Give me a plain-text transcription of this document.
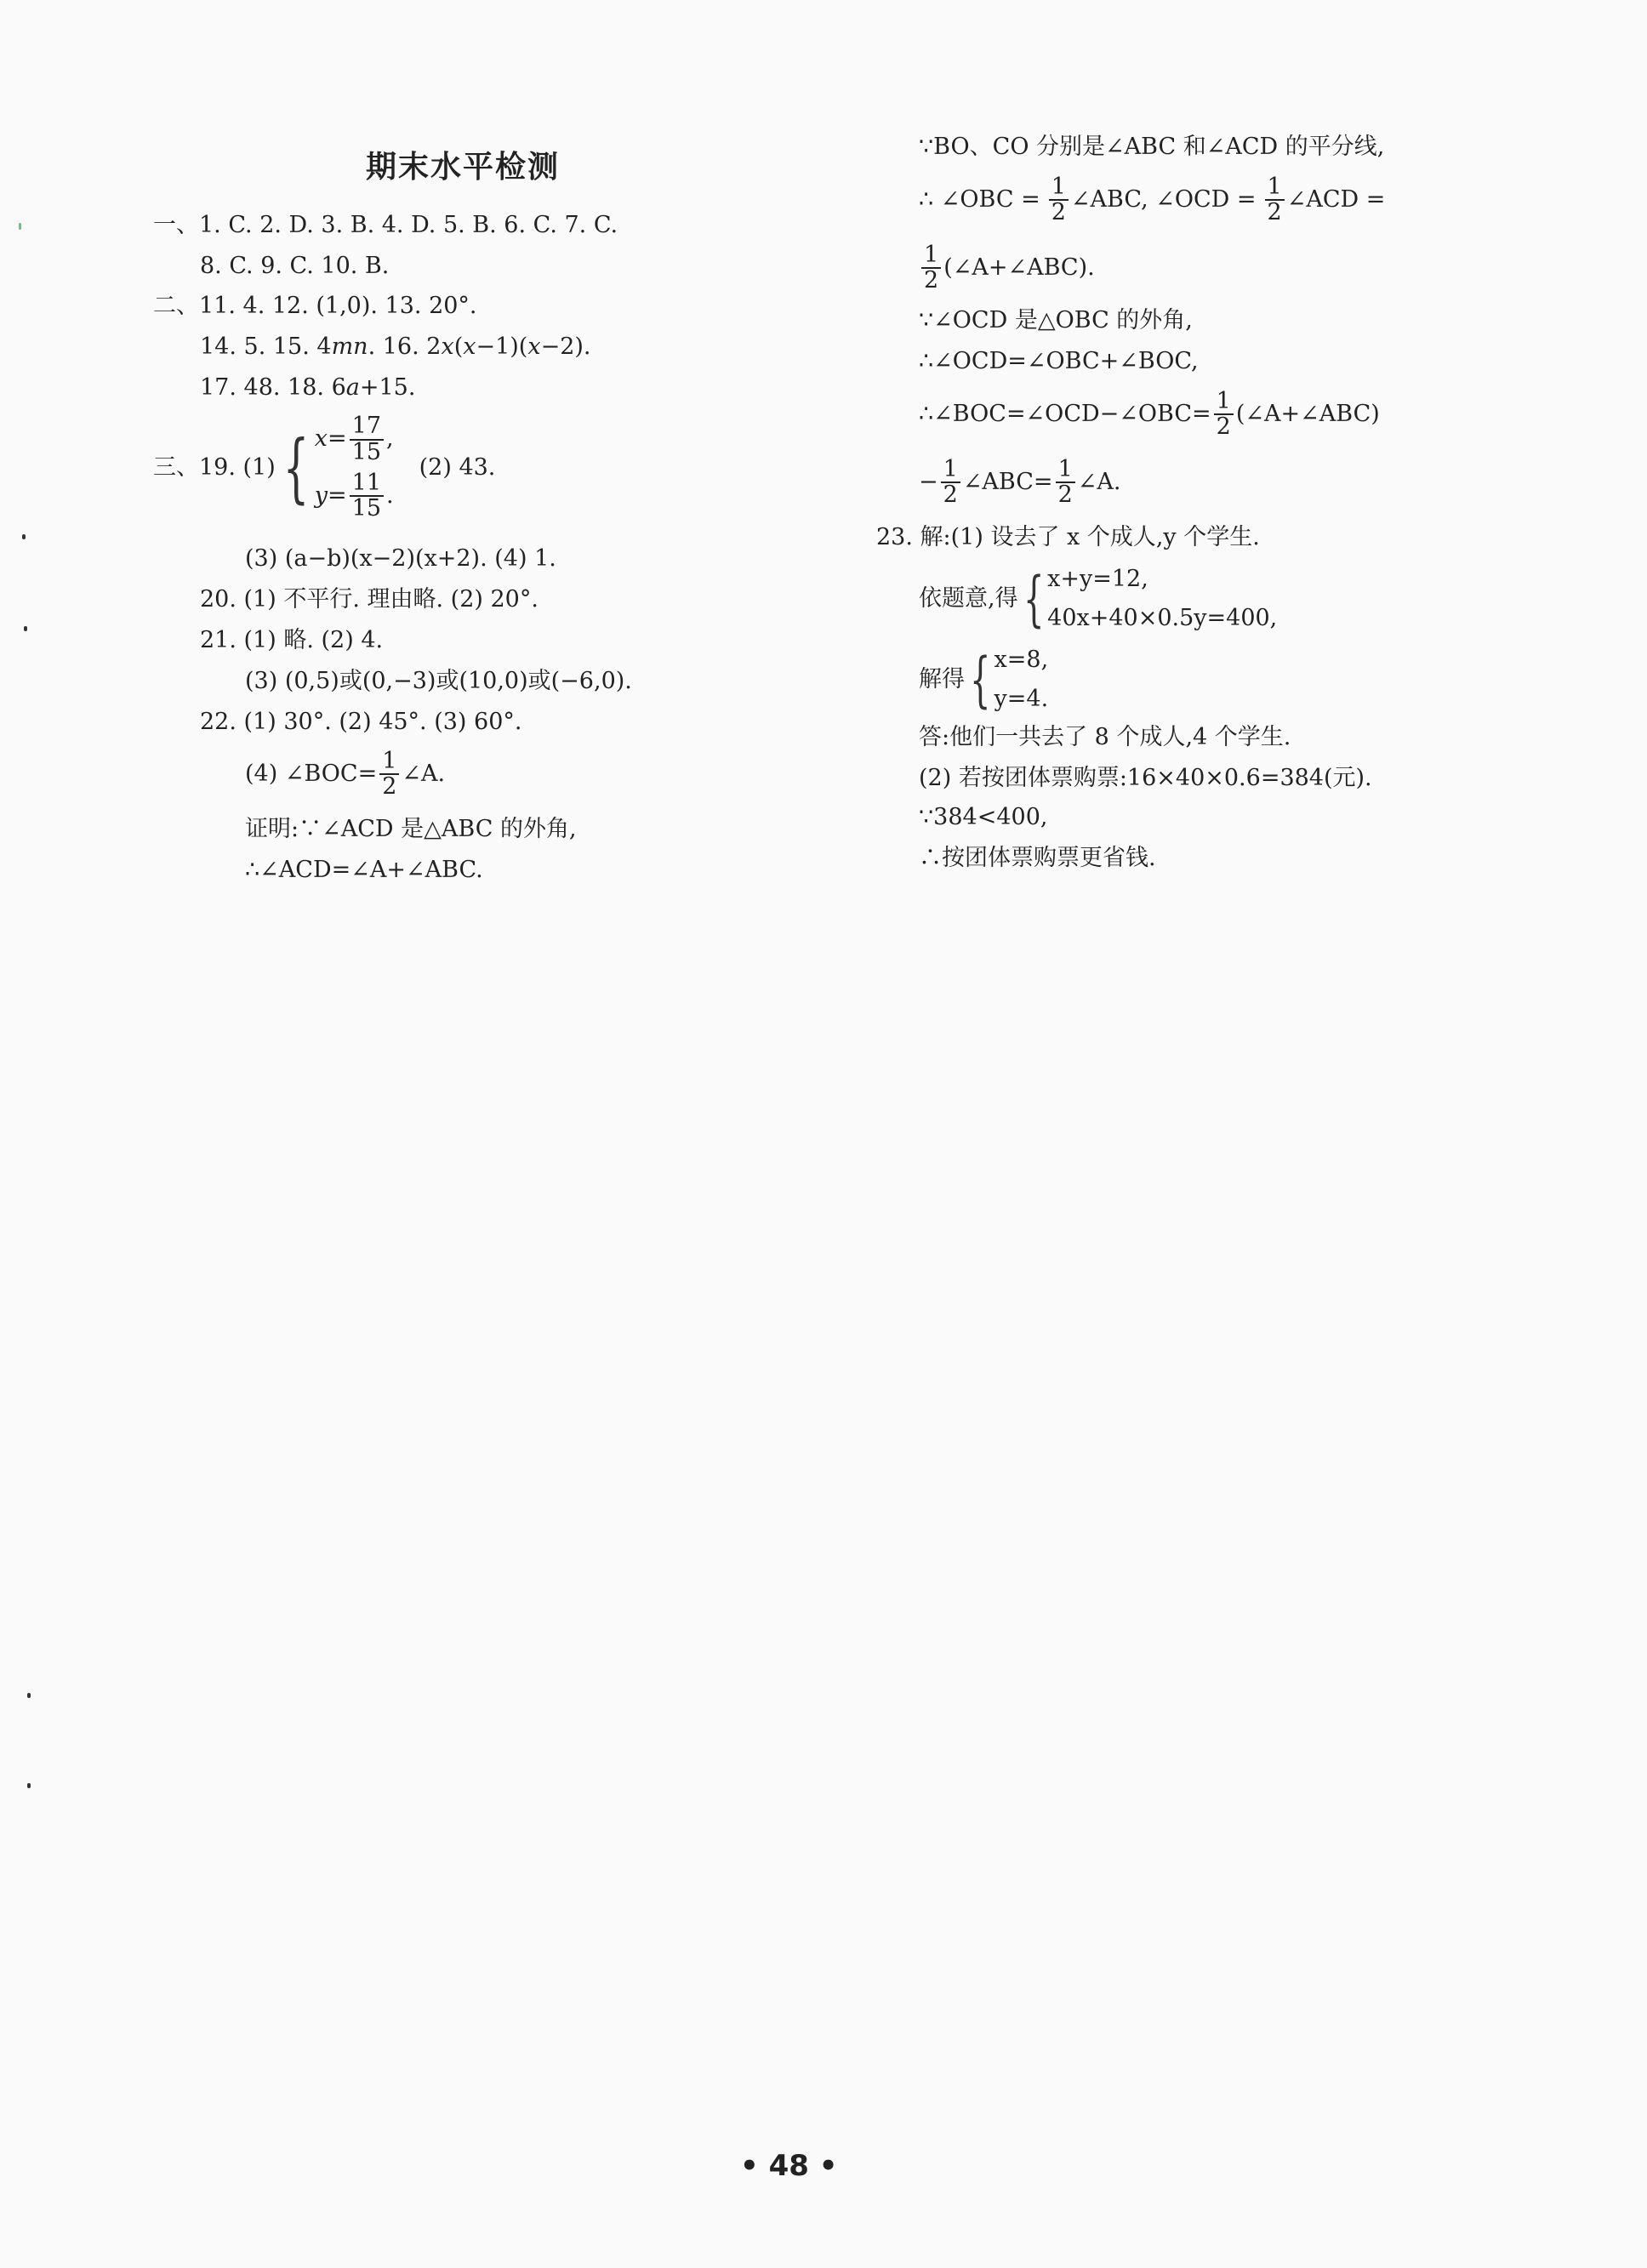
期末水平检测
一、1. C. 2. D. 3. B. 4. D. 5. B. 6. C. 7. C.
8. C. 9. C. 10. B.
二、11. 4. 12. (1,0). 13. 20°.
14. 5. 15. 4mn. 16. 2x(x−1)(x−2).
17. 48. 18. 6a+15.
三、19. (1) { $x= \frac{17}{15}$ ,
$y= \frac{11}{15}$ .
(2) 43.
(3) (a−b)(x−2)(x+2). (4) 1.
20. (1) 不平行. 理由略. (2) 20°.
21. (1) 略. (2) 4.
(3) (0,5)或(0,−3)或(10,0)或(−6,0).
22. (1) 30°. (2) 45°. (3) 60°.
(4) ∠BOC= $\frac{1}{2}$ ∠A.
证明:∵∠ACD 是△ABC 的外角,
∴∠ACD=∠A+∠ABC.
∵BO、CO 分别是∠ABC 和∠ACD 的平分线,
∴ ∠OBC = $\frac{1}{2}$ ∠ABC, ∠OCD = $\frac{1}{2}$ ∠ACD =
$\frac{1}{2}$ (∠A+∠ABC).
∵∠OCD 是△OBC 的外角,
∴∠OCD=∠OBC+∠BOC,
∴∠BOC=∠OCD−∠OBC= $\frac{1}{2}$ (∠A+∠ABC)
− $\frac{1}{2}$ ∠ABC= $\frac{1}{2}$ ∠A.
23. 解:(1) 设去了 x 个成人,y 个学生.
依题意,得 { x+y=12,
40x+40×0.5y=400,
解得 { x=8,
y=4.
答:他们一共去了 8 个成人,4 个学生.
(2) 若按团体票购票:16×40×0.6=384(元).
∵384<400,
∴按团体票购票更省钱.
• 48 •
